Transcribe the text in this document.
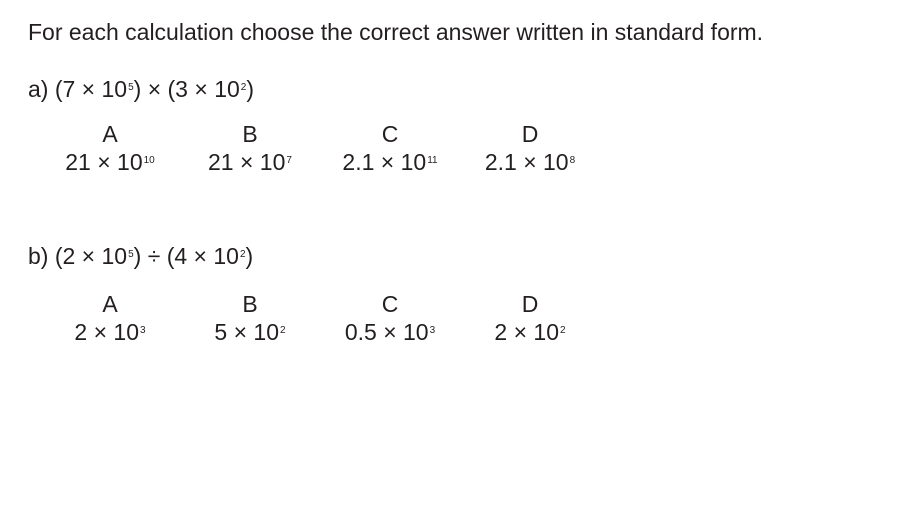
For each calculation choose the correct answer written in standard form.
a) $(7 \times 10^5) \times (3 \times 10^2)$
A
$21 \times 10^{10}$
B
$21 \times 10^7$
C
$2.1 \times 10^{11}$
D
$2.1 \times 10^8$
b) $(2 \times 10^5) \div (4 \times 10^2)$
A
$2 \times 10^3$
B
$5 \times 10^2$
C
$0.5 \times 10^3$
D
$2 \times 10^2$
